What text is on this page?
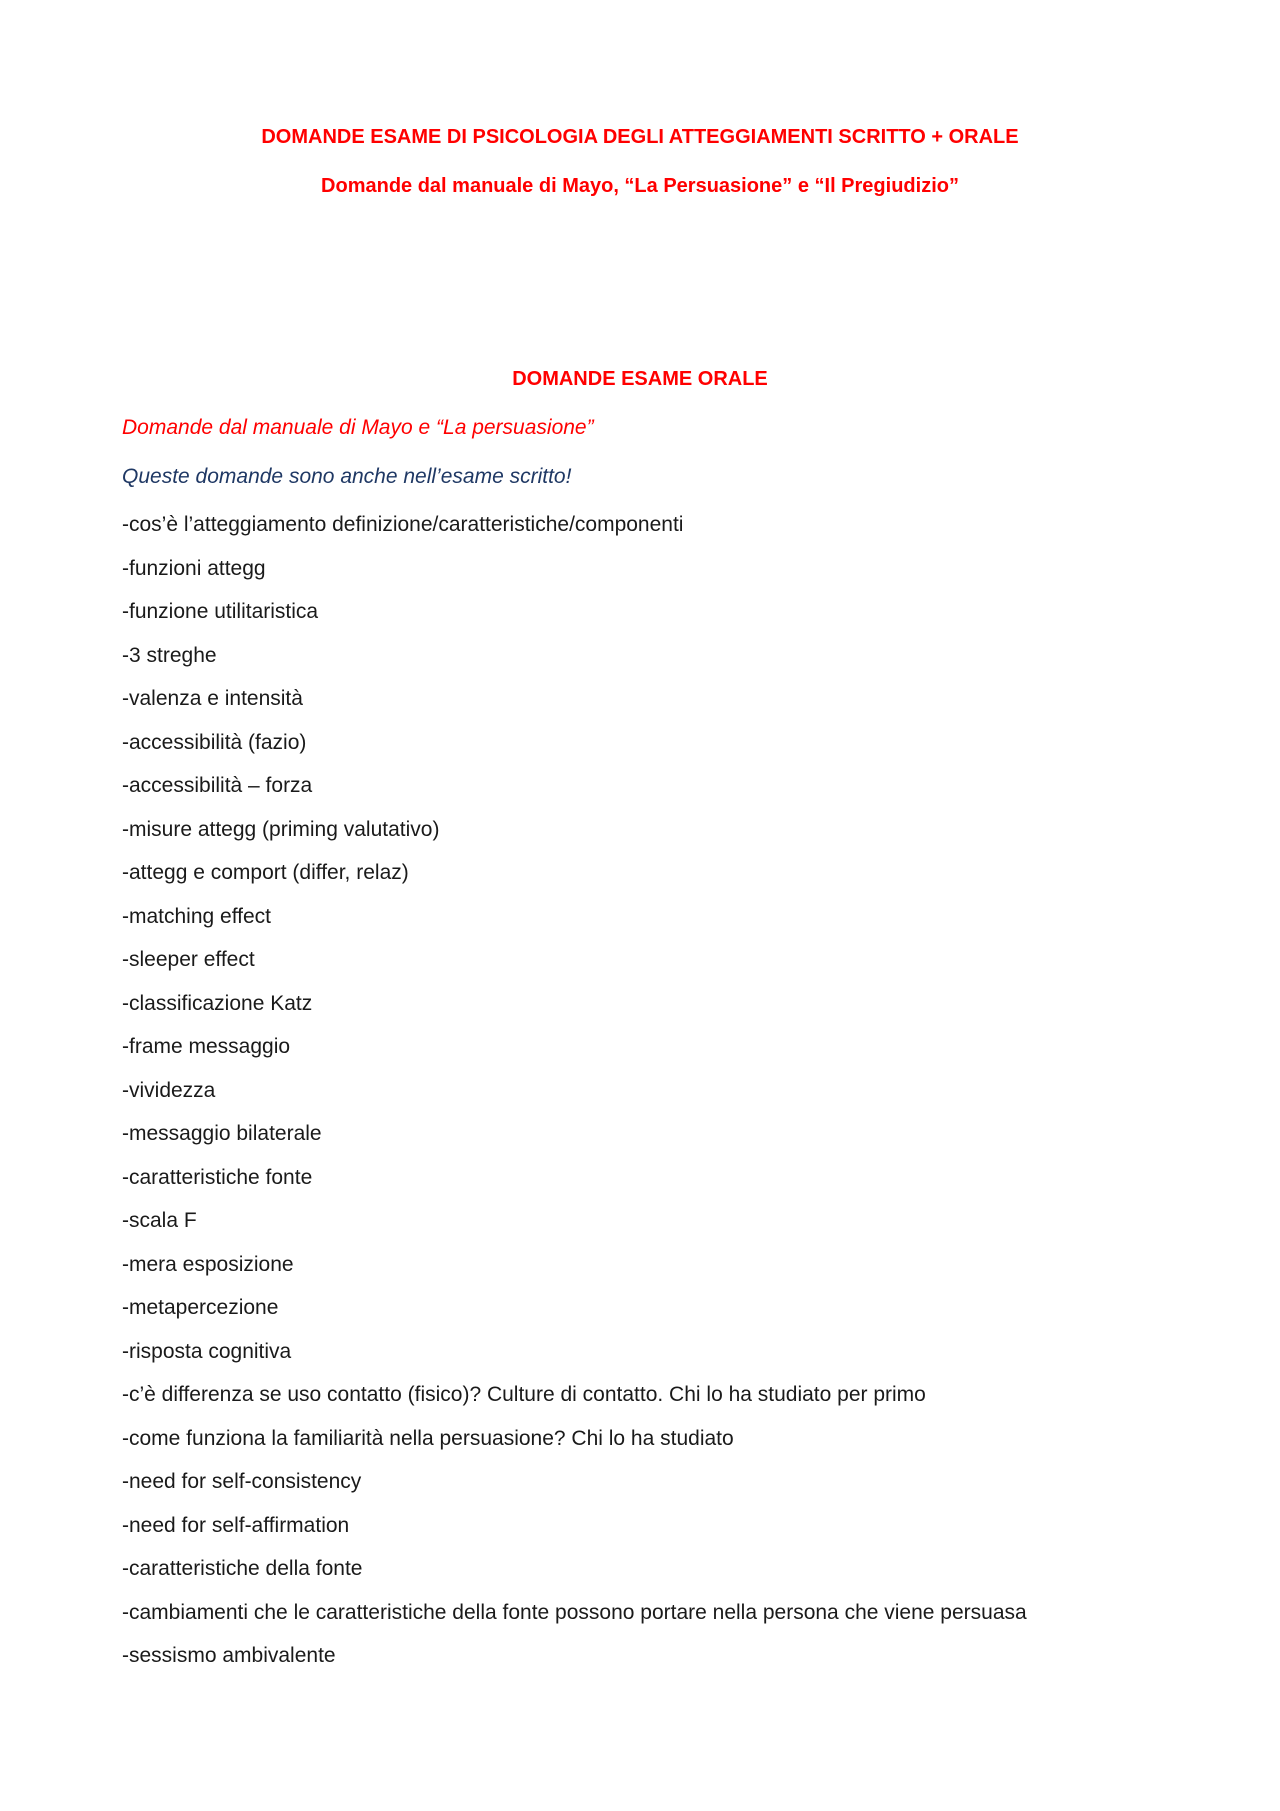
DOMANDE ESAME DI PSICOLOGIA DEGLI ATTEGGIAMENTI SCRITTO + ORALE

Domande dal manuale di Mayo, “La Persuasione” e “Il Pregiudizio”

DOMANDE ESAME ORALE

Domande dal manuale di Mayo e “La persuasione”

Queste domande sono anche nell’esame scritto!

-cos’è l’atteggiamento definizione/caratteristiche/componenti
-funzioni attegg
-funzione utilitaristica
-3 streghe
-valenza e intensità
-accessibilità (fazio)
-accessibilità – forza
-misure attegg (priming valutativo)
-attegg e comport (differ, relaz)
-matching effect
-sleeper effect
-classificazione Katz
-frame messaggio
-vividezza
-messaggio bilaterale
-caratteristiche fonte
-scala F
-mera esposizione
-metapercezione
-risposta cognitiva
-c’è differenza se uso contatto (fisico)? Culture di contatto. Chi lo ha studiato per primo
-come funziona la familiarità nella persuasione? Chi lo ha studiato
-need for self-consistency
-need for self-affirmation
-caratteristiche della fonte
-cambiamenti che le caratteristiche della fonte possono portare nella persona che viene persuasa
-sessismo ambivalente
